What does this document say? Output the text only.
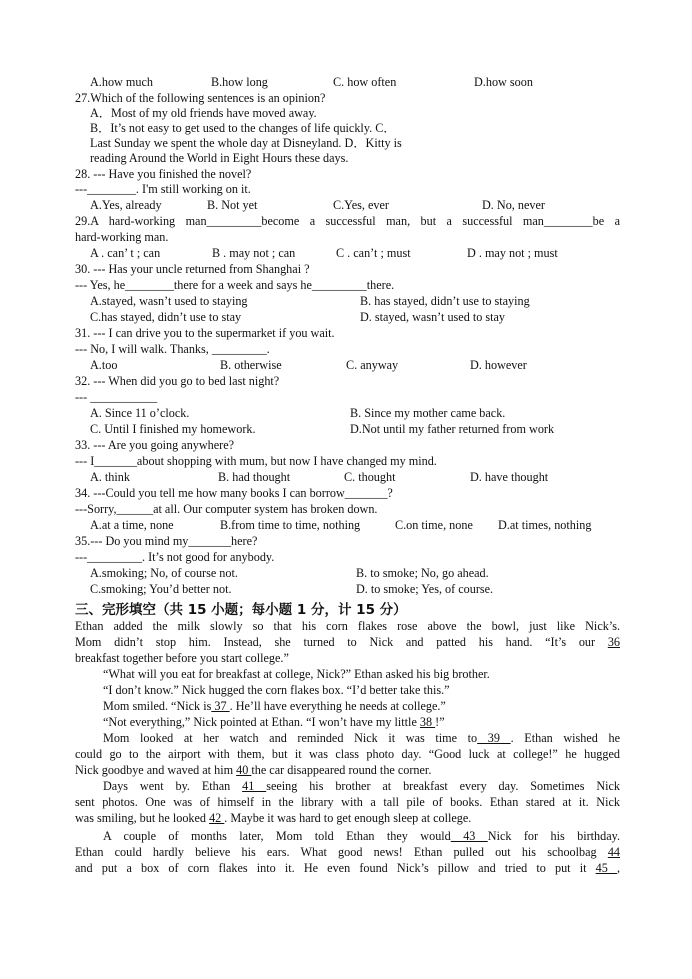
A.how much	B.how long	C. how often	D.how soon
27.Which of the following sentences is an opinion?
A．Most of my old friends have moved away.
B．It’s not easy to get used to the changes of life quickly. C．
Last Sunday we spent the whole day at Disneyland. D．Kitty is
reading Around the World in Eight Hours these days.
28. --- Have you finished the novel?
---________. I'm still working on it.
A.Yes, already	B. Not yet	C.Yes, ever	D. No, never
29.A hard-working man_________become a successful man, but a successful man________be a
hard-working man.
A . can’ t ; can	B . may not ; can	C . can’t ; must	D . may not ; must
30. --- Has your uncle returned from Shanghai ?
--- Yes, he________there for a week and says he_________there.
A.stayed, wasn’t used to staying	B. has stayed, didn’t use to staying
C.has stayed, didn’t use to stay	D. stayed, wasn’t used to stay
31. --- I can drive you to the supermarket if you wait.
--- No, I will walk. Thanks, _________.
A.too	B. otherwise	C. anyway	D. however
32. --- When did you go to bed last night?
--- ___________
A. Since 11 o’clock.	B. Since my mother came back.
C. Until I finished my homework.	D.Not until my father returned from work
33. --- Are you going anywhere?
--- I_______about shopping with mum, but now I have changed my mind.
A. think	B. had thought	C. thought	D. have thought
34. ---Could you tell me how many books I can borrow_______?
---Sorry,______at all. Our computer system has broken down.
A.at a time, none	B.from time to time, nothing	C.on time, none D.at times, nothing
35.--- Do you mind my_______here?
---_________. It’s not good for anybody.
A.smoking; No, of course not.	B. to smoke; No, go ahead.
C.smoking; You’d better not.	D. to smoke; Yes, of course.
三、完形填空（共 15 小题；每小题 1 分，计 15 分）
Ethan added the milk slowly so that his corn flakes rose above the bowl, just like Nick’s.
Mom didn’t stop him. Instead, she turned to Nick and patted his hand. “It’s our 36
breakfast together before you start college.”
“What will you eat for breakfast at college, Nick?” Ethan asked his big brother.
“I don’t know.” Nick hugged the corn flakes box. “I’d better take this.”
Mom smiled. “Nick is 37 . He’ll have everything he needs at college.”
“Not everything,” Nick pointed at Ethan. “I won’t have my little 38 !”
Mom looked at her watch and reminded Nick it was time to 39 . Ethan wished he
could go to the airport with them, but it was class photo day. “Good luck at college!” he hugged
Nick goodbye and waved at him 40 the car disappeared round the corner.
Days went by. Ethan 41 seeing his brother at breakfast every day. Sometimes Nick
sent photos. One was of himself in the library with a tall pile of books. Ethan stared at it. Nick
was smiling, but he looked 42 . Maybe it was hard to get enough sleep at college.
A couple of months later, Mom told Ethan they would 43 Nick for his birthday.
Ethan could hardly believe his ears. What good news! Ethan pulled out his schoolbag 44
and put a box of corn flakes into it. He even found Nick’s pillow and tried to put it 45 ,
